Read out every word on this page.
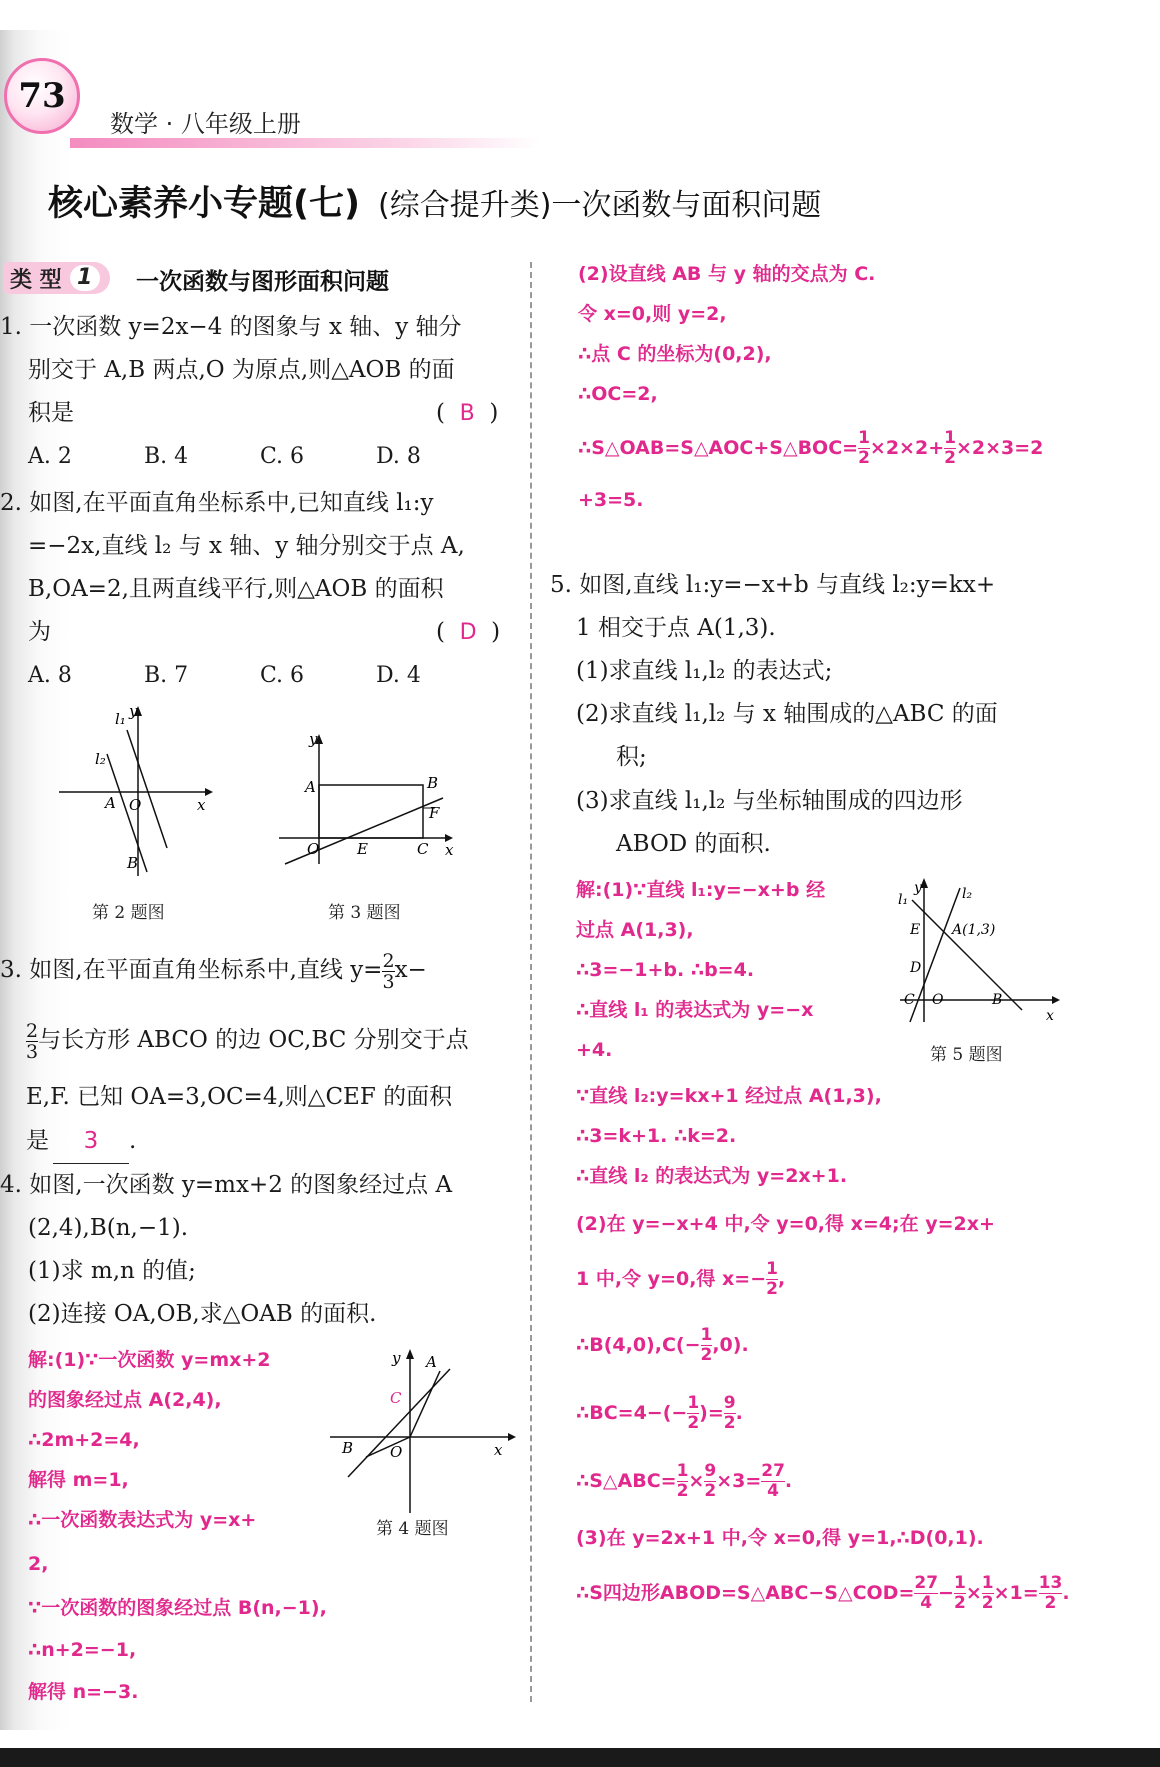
73
数学 · 八年级上册
核心素养小专题(七) (综合提升类)一次函数与面积问题
类 型 1	一次函数与图形面积问题
1. 一次函数 y=2x−4 的图象与 x 轴、y 轴分
别交于 A,B 两点,O 为原点,则△AOB 的面
积是	(  B  )
A. 2	B. 4	C. 6	D. 8
2. 如图,在平面直角坐标系中,已知直线 l₁:y
=−2x,直线 l₂ 与 x 轴、y 轴分别交于点 A,
B,OA=2,且两直线平行,则△AOB 的面积
为	(  D  )
A. 8	B. 7	C. 6	D. 4
y
x
l₁
l₂
A O
B
第 2 题图
y
x
A	B
F
O	E	C
第 3 题图
3. 如图,在平面直角坐标系中,直线 $y= \frac{2}{3} x-$
$\frac{2}{3}$ 与长方形 ABCO 的边 OC,BC 分别交于点
E,F. 已知 OA=3,OC=4,则△CEF 的面积
是 3 .
4. 如图,一次函数 y=mx+2 的图象经过点 A
(2,4),B(n,−1).
(1)求 m,n 的值;
(2)连接 OA,OB,求△OAB 的面积.
解:(1)∵一次函数 y=mx+2
的图象经过点 A(2,4),
∴2m+2=4,
解得 m=1,
∴一次函数表达式为 y=x+
2,
∵一次函数的图象经过点 B(n,−1),
∴n+2=−1,
解得 n=−3.
y
x
A
C
B O
第 4 题图
(2)设直线 AB 与 y 轴的交点为 C.
令 x=0,则 y=2,
∴点 C 的坐标为(0,2),
∴OC=2,
∴S△OAB=S△AOC+S△BOC= $\frac{1}{2} \times 2\times 2+ \frac{1}{2} \times 2\times 3=2$
+3=5.
5. 如图,直线 l₁:y=−x+b 与直线 l₂:y=kx+
1 相交于点 A(1,3).
(1)求直线 l₁,l₂ 的表达式;
(2)求直线 l₁,l₂ 与 x 轴围成的△ABC 的面
积;
(3)求直线 l₁,l₂ 与坐标轴围成的四边形
ABOD 的面积.
解:(1)∵直线 l₁:y=−x+b 经
过点 A(1,3),
∴3=−1+b. ∴b=4.
∴直线 l₁ 的表达式为 y=−x
+4.
y
x
l₁	l₂
E A(1,3)
D
C O	B
第 5 题图
∵直线 l₂:y=kx+1 经过点 A(1,3),
∴3=k+1. ∴k=2.
∴直线 l₂ 的表达式为 y=2x+1.
(2)在 y=−x+4 中,令 y=0,得 x=4;在 y=2x+
1 中,令 y=0,得 $x=- \frac{1}{2}$ ,
∴B(4,0),C(− $\frac{1}{2} ,0$).
∴BC=4−(− $\frac{1}{2}$ )= $\frac{9}{2}$ .
∴S△ABC= $\frac{1}{2} \times \frac{9}{2} \times 3= \frac{27}{4}$ .
(3)在 y=2x+1 中,令 x=0,得 y=1,∴D(0,1).
∴S四边形ABOD=S△ABC−S△COD= $\frac{27}{4} - \frac{1}{2} \times \frac{1}{2} \times 1= \frac{13}{2}$ .
